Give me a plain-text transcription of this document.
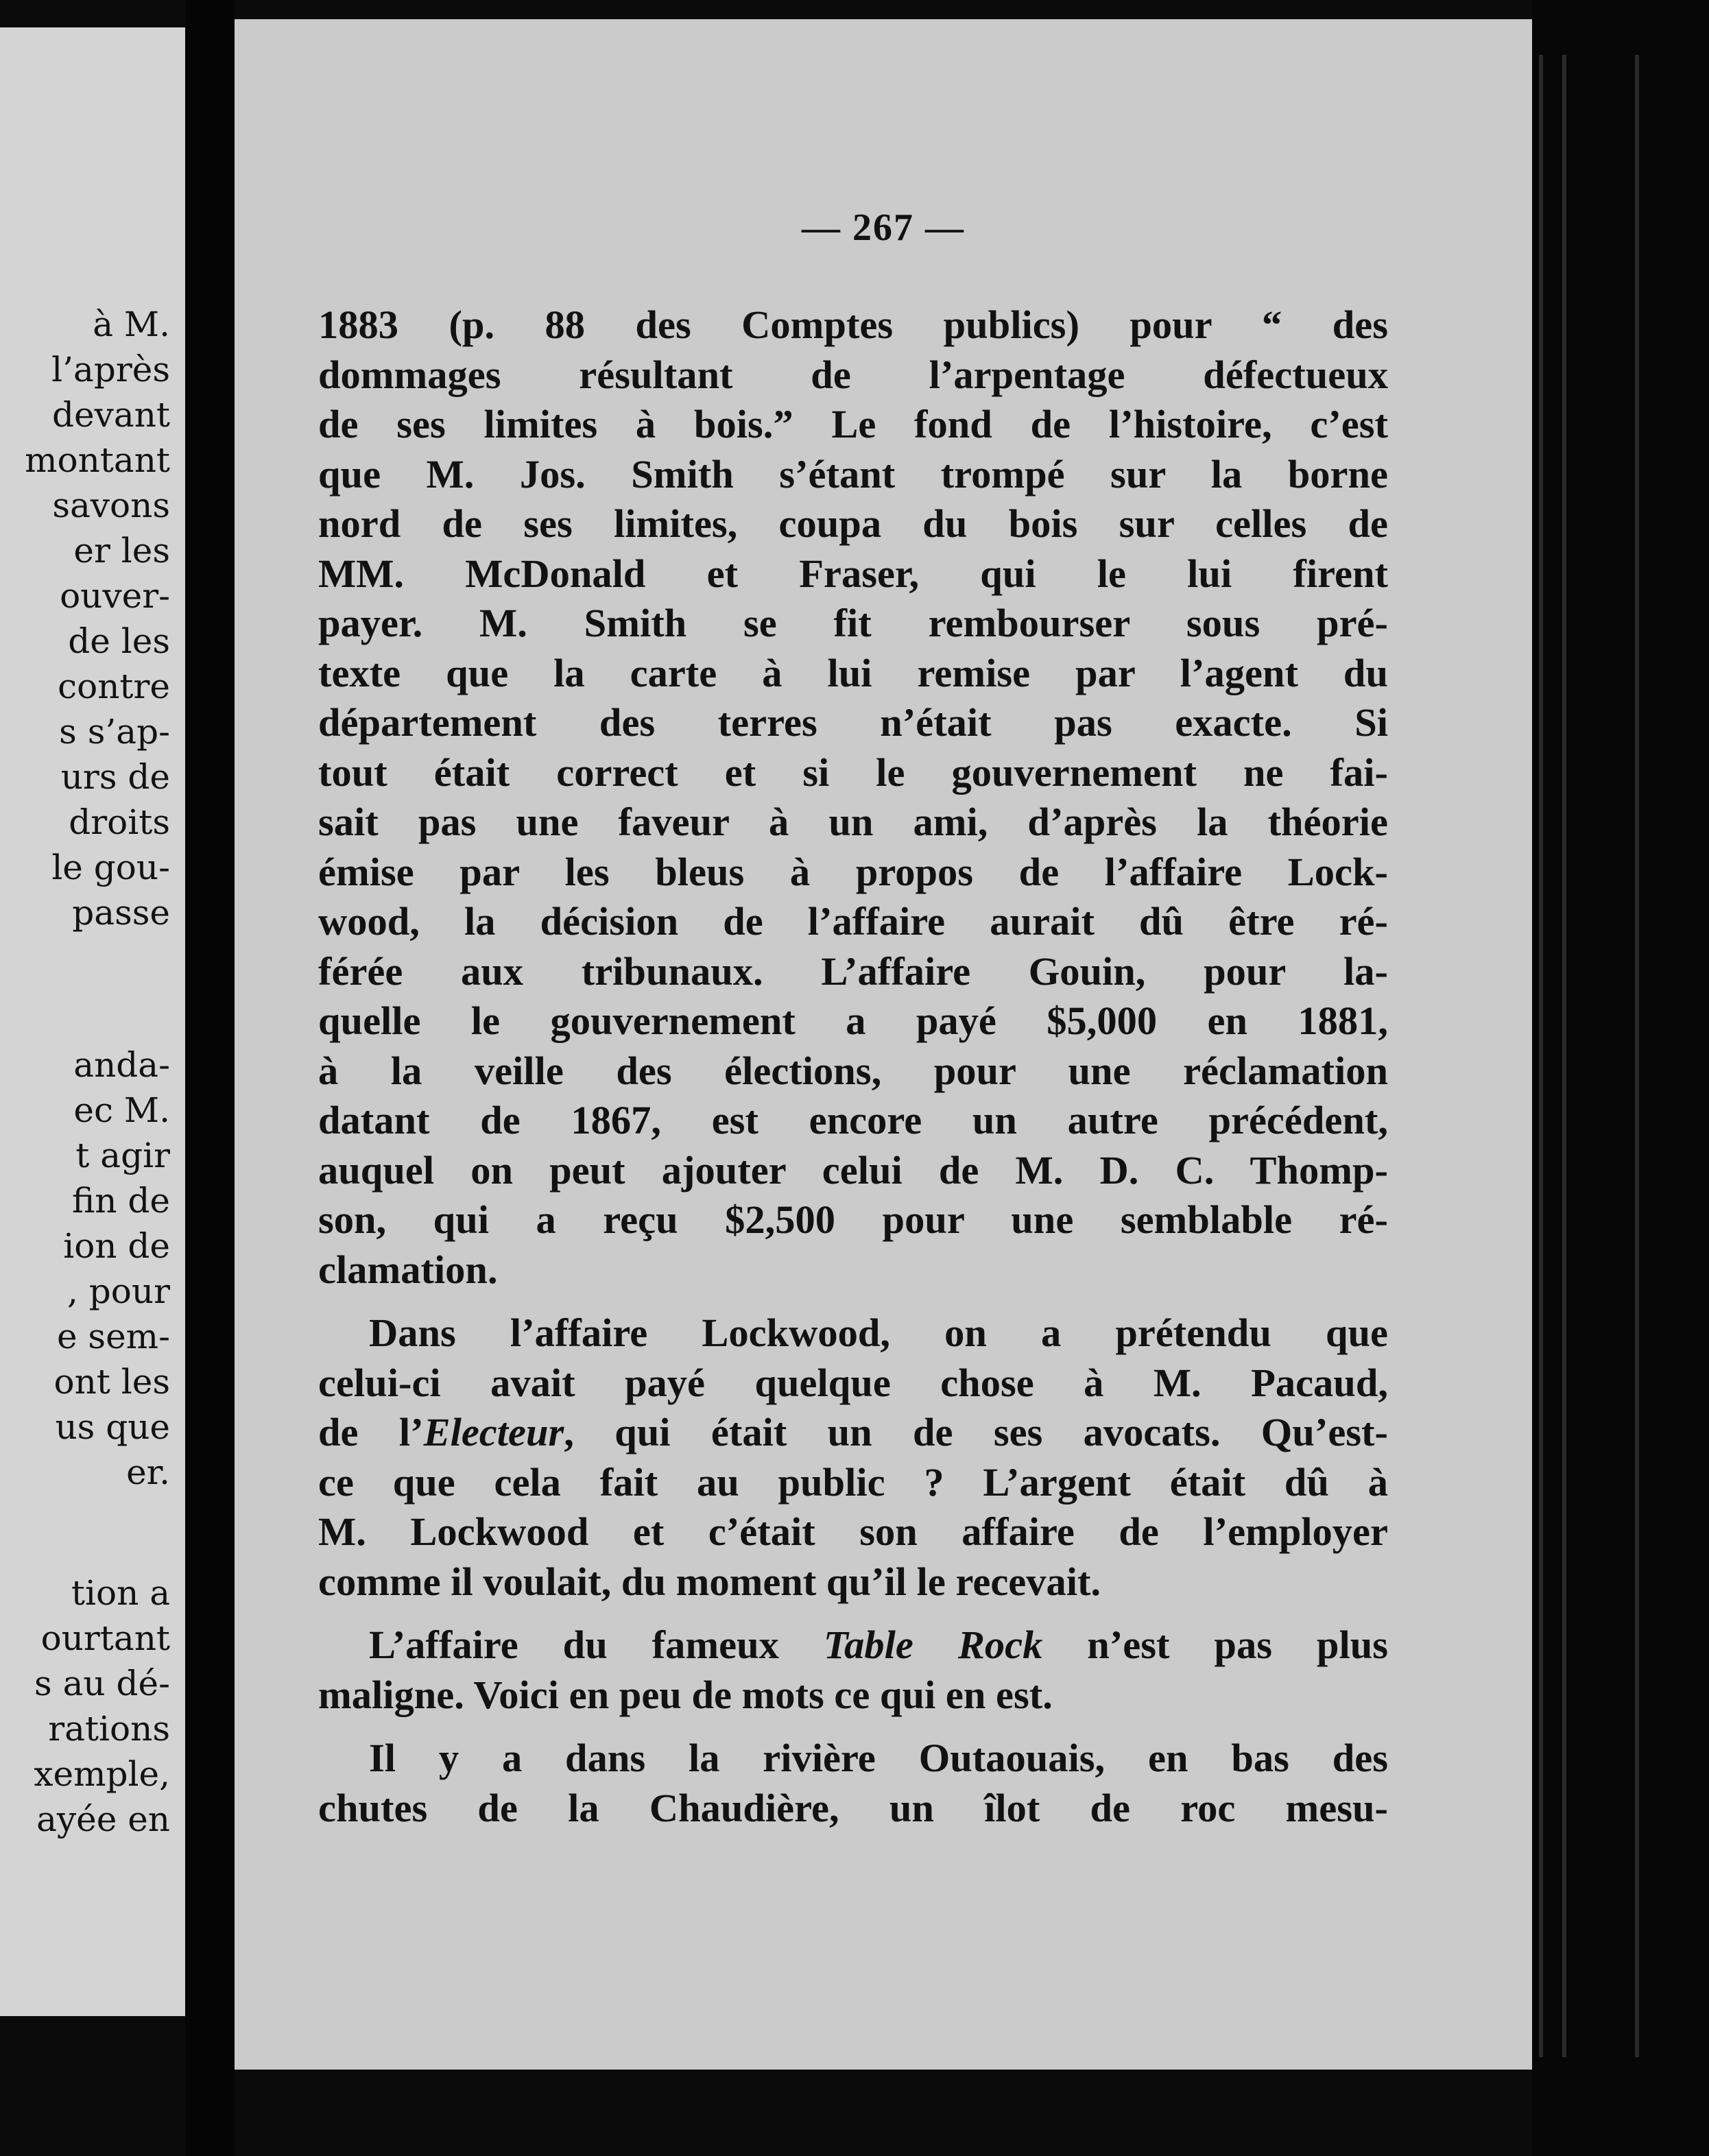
à M.
l’après
devant
montant
savons
er les
ouver-
de les
contre
s s’ap-
urs de
droits
le gou-
passe
anda-
ec M.
t agir
fin de
ion de
, pour
e sem-
ont les
us que
er.
tion a
ourtant
s au dé-
rations
xemple,
ayée en
— 267 —
1883 (p. 88 des Comptes publics) pour “ des
dommages résultant de l’arpentage défectueux
de ses limites à bois.” Le fond de l’histoire, c’est
que M. Jos. Smith s’étant trompé sur la borne
nord de ses limites, coupa du bois sur celles de
MM. McDonald et Fraser, qui le lui firent
payer. M. Smith se fit rembourser sous pré-
texte que la carte à lui remise par l’agent du
département des terres n’était pas exacte. Si
tout était correct et si le gouvernement ne fai-
sait pas une faveur à un ami, d’après la théorie
émise par les bleus à propos de l’affaire Lock-
wood, la décision de l’affaire aurait dû être ré-
férée aux tribunaux. L’affaire Gouin, pour la-
quelle le gouvernement a payé $5,000 en 1881,
à la veille des élections, pour une réclamation
datant de 1867, est encore un autre précédent,
auquel on peut ajouter celui de M. D. C. Thomp-
son, qui a reçu $2,500 pour une semblable ré-
clamation.
Dans l’affaire Lockwood, on a prétendu que
celui-ci avait payé quelque chose à M. Pacaud,
de l’Electeur, qui était un de ses avocats. Qu’est-
ce que cela fait au public ? L’argent était dû à
M. Lockwood et c’était son affaire de l’employer
comme il voulait, du moment qu’il le recevait.
L’affaire du fameux Table Rock n’est pas plus
maligne. Voici en peu de mots ce qui en est.
Il y a dans la rivière Outaouais, en bas des
chutes de la Chaudière, un îlot de roc mesu-
